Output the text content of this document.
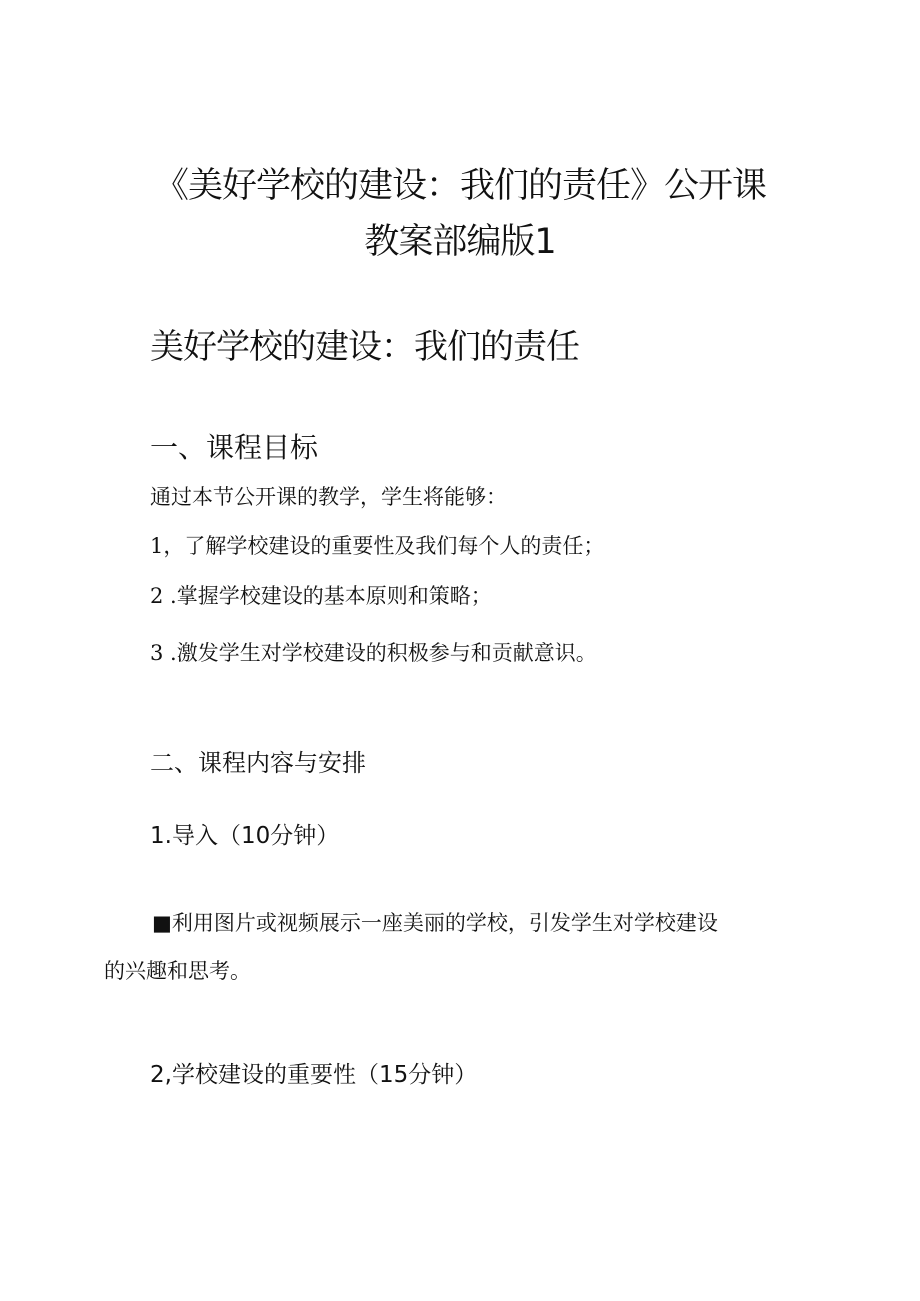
《美好学校的建设：我们的责任》公开课
教案部编版1
美好学校的建设：我们的责任
一、课程目标

通过本节公开课的教学，学生将能够：

1，了解学校建设的重要性及我们每个人的责任；

2 .掌握学校建设的基本原则和策略；

3 .激发学生对学校建设的积极参与和贡献意识。

二、课程内容与安排
1.导入（10分钟）

■利用图片或视频展示一座美丽的学校，引发学生对学校建设
的兴趣和思考。

2,学校建设的重要性（15分钟）
